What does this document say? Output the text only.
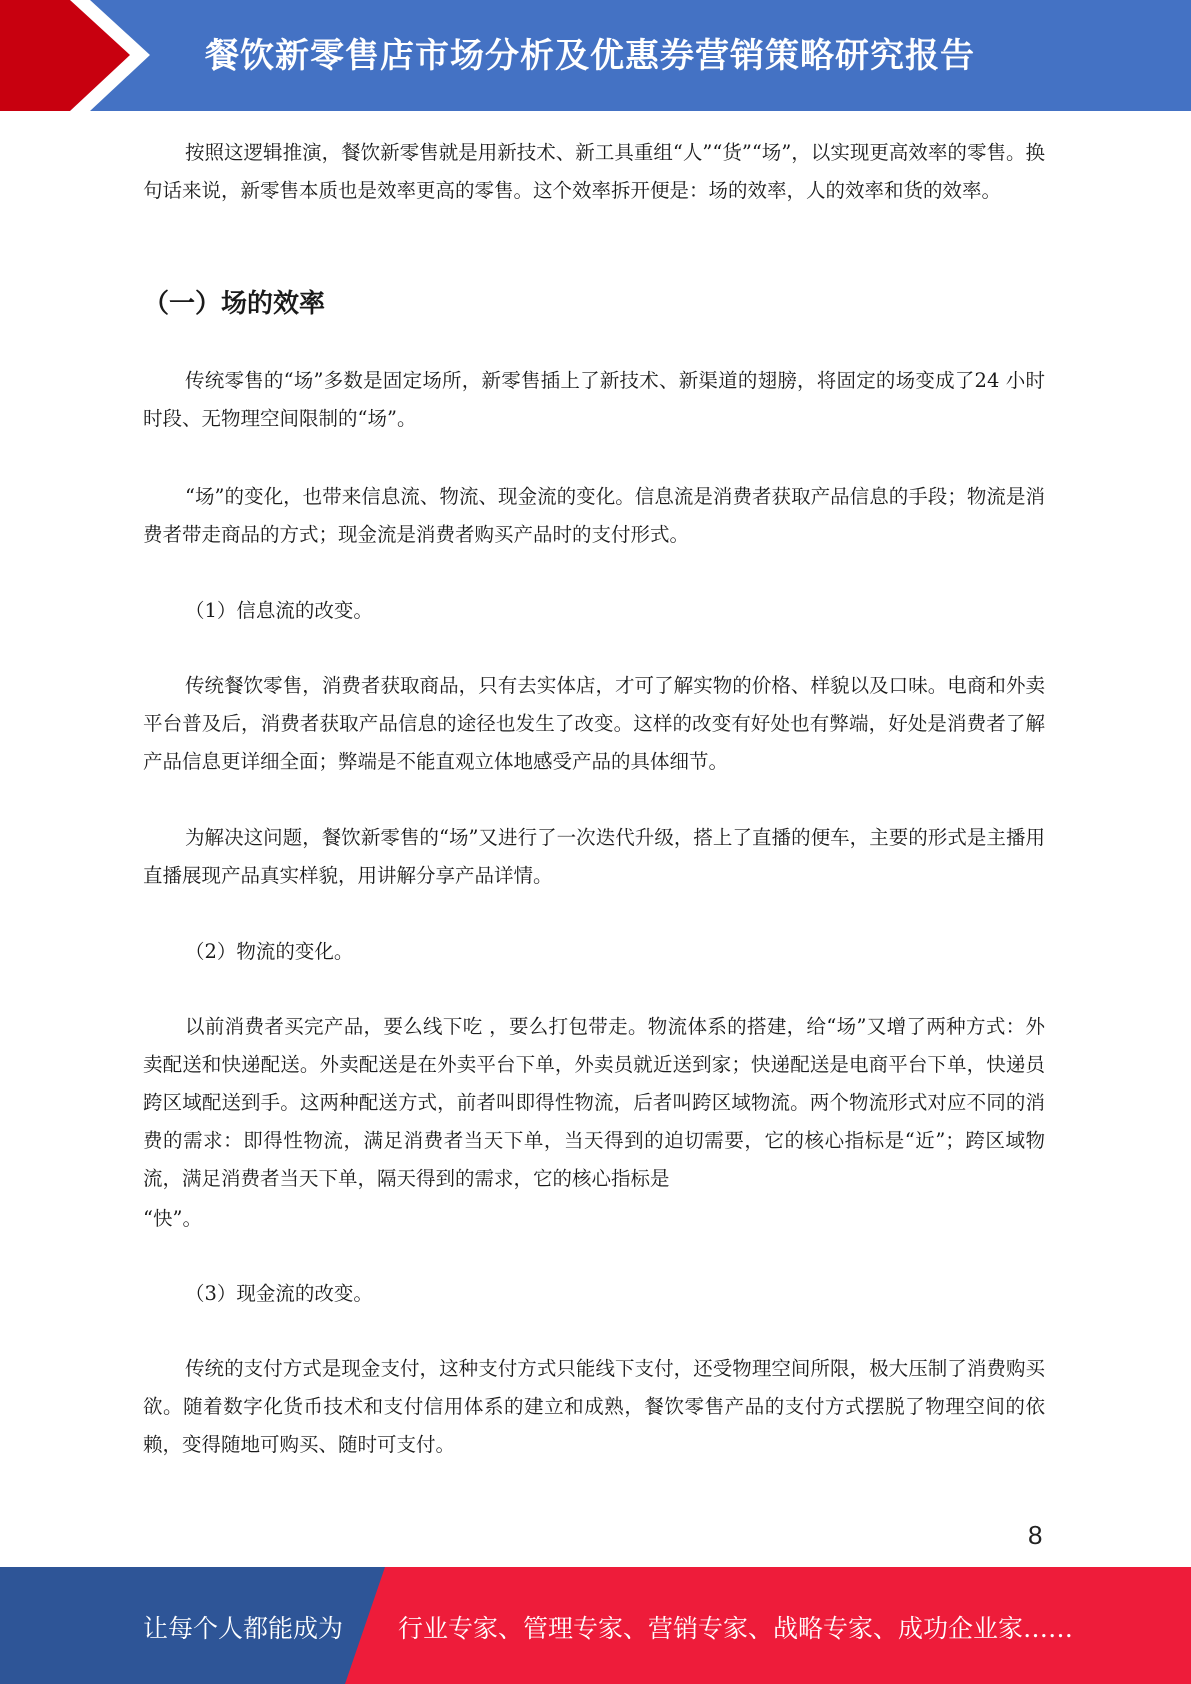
餐饮新零售店市场分析及优惠券营销策略研究报告

按照这逻辑推演，餐饮新零售就是用新技术、新工具重组“人”“货”“场”，以实现更高效率的零售。换句话来说，新零售本质也是效率更高的零售。这个效率拆开便是：场的效率，人的效率和货的效率。

（一）场的效率

传统零售的“场”多数是固定场所，新零售插上了新技术、新渠道的翅膀，将固定的场变成了24 小时时段、无物理空间限制的“场”。

“场”的变化，也带来信息流、物流、现金流的变化。信息流是消费者获取产品信息的手段；物流是消费者带走商品的方式；现金流是消费者购买产品时的支付形式。

（1）信息流的改变。

传统餐饮零售，消费者获取商品，只有去实体店，才可了解实物的价格、样貌以及口味。电商和外卖平台普及后，消费者获取产品信息的途径也发生了改变。这样的改变有好处也有弊端，好处是消费者了解产品信息更详细全面；弊端是不能直观立体地感受产品的具体细节。

为解决这问题，餐饮新零售的“场”又进行了一次迭代升级，搭上了直播的便车，主要的形式是主播用直播展现产品真实样貌，用讲解分享产品详情。

（2）物流的变化。

以前消费者买完产品，要么线下吃 ，要么打包带走。物流体系的搭建，给“场”又增了两种方式：外卖配送和快递配送。外卖配送是在外卖平台下单，外卖员就近送到家；快递配送是电商平台下单，快递员跨区域配送到手。这两种配送方式，前者叫即得性物流，后者叫跨区域物流。两个物流形式对应不同的消费的需求：即得性物流，满足消费者当天下单，当天得到的迫切需要，它的核心指标是“近”；跨区域物流，满足消费者当天下单，隔天得到的需求，它的核心指标是

“快”。

（3）现金流的改变。

传统的支付方式是现金支付，这种支付方式只能线下支付，还受物理空间所限，极大压制了消费购买欲。随着数字化货币技术和支付信用体系的建立和成熟，餐饮零售产品的支付方式摆脱了物理空间的依赖，变得随地可购买、随时可支付。

8
让每个人都能成为 行业专家、管理专家、营销专家、战略专家、成功企业家……
